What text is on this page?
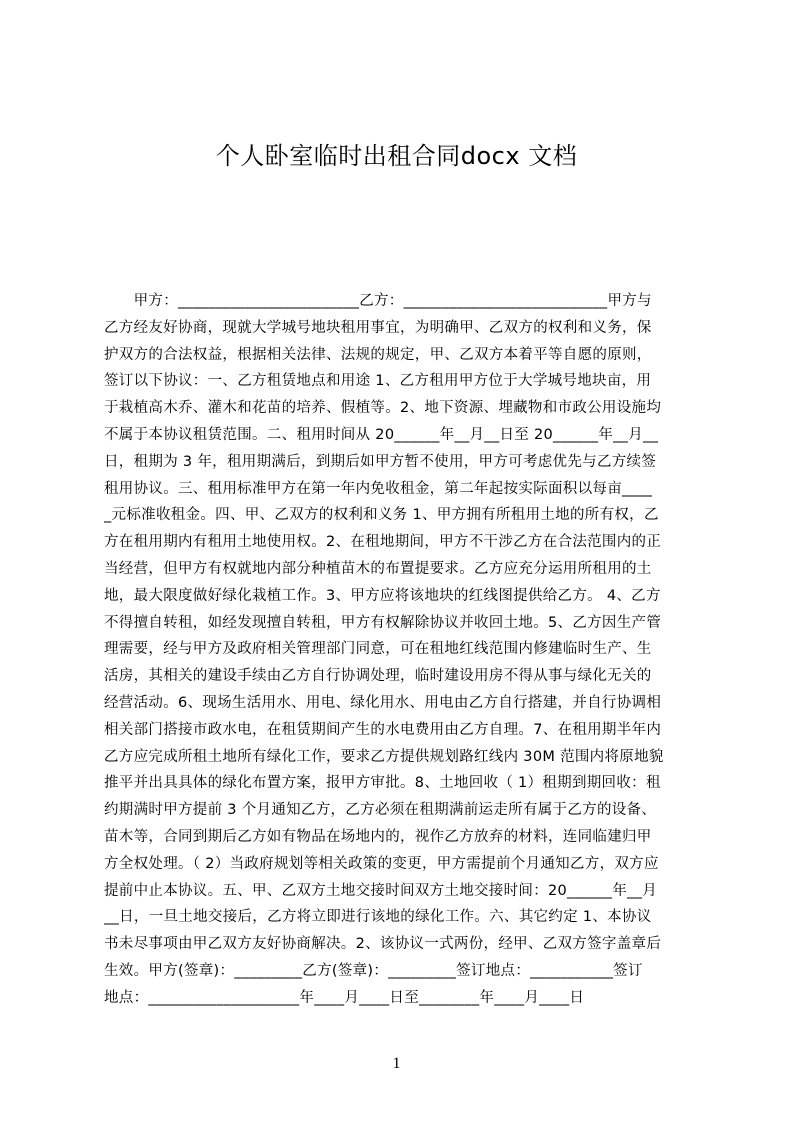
个人卧室临时出租合同docx 文档
　　甲方：________________________乙方：___________________________甲方与
乙方经友好协商，现就大学城号地块租用事宜，为明确甲、乙双方的权利和义务，保
护双方的合法权益，根据相关法律、法规的规定，甲、乙双方本着平等自愿的原则，
签订以下协议：一、乙方租赁地点和用途 1、乙方租用甲方位于大学城号地块亩，用
于栽植高木乔、灌木和花苗的培养、假植等。2、地下资源、埋藏物和市政公用设施均
不属于本协议租赁范围。二、租用时间从 20______年__月__日至 20______年__月__
日，租期为 3 年，租用期满后，到期后如甲方暂不使用，甲方可考虑优先与乙方续签
租用协议。三、租用标准甲方在第一年内免收租金，第二年起按实际面积以每亩____
_元标准收租金。四、甲、乙双方的权利和义务 1、甲方拥有所租用土地的所有权，乙
方在租用期内有租用土地使用权。2、在租地期间，甲方不干涉乙方在合法范围内的正
当经营，但甲方有权就地内部分种植苗木的布置提要求。乙方应充分运用所租用的土
地，最大限度做好绿化栽植工作。3、甲方应将该地块的红线图提供给乙方。 4、乙方
不得擅自转租，如经发现擅自转租，甲方有权解除协议并收回土地。5、乙方因生产管
理需要，经与甲方及政府相关管理部门同意，可在租地红线范围内修建临时生产、生
活房，其相关的建设手续由乙方自行协调处理，临时建设用房不得从事与绿化无关的
经营活动。6、现场生活用水、用电、绿化用水、用电由乙方自行搭建，并自行协调相
相关部门搭接市政水电，在租赁期间产生的水电费用由乙方自理。7、在租用期半年内
乙方应完成所租土地所有绿化工作，要求乙方提供规划路红线内 30M 范围内将原地貌
推平并出具具体的绿化布置方案，报甲方审批。8、土地回收（ 1）租期到期回收：租
约期满时甲方提前 3 个月通知乙方，乙方必须在租期满前运走所有属于乙方的设备、
苗木等，合同到期后乙方如有物品在场地内的，视作乙方放弃的材料，连同临建归甲
方全权处理。（ 2）当政府规划等相关政策的变更，甲方需提前个月通知乙方，双方应
提前中止本协议。五、甲、乙双方土地交接时间双方土地交接时间：20______年__月
__日，一旦土地交接后，乙方将立即进行该地的绿化工作。六、其它约定 1、本协议
书未尽事项由甲乙双方友好协商解决。2、该协议一式两份，经甲、乙双方签字盖章后
生效。甲方(签章)：_________乙方(签章)：_________签订地点：___________签订
地点：____________________年____月____日至________年____月____日
1
